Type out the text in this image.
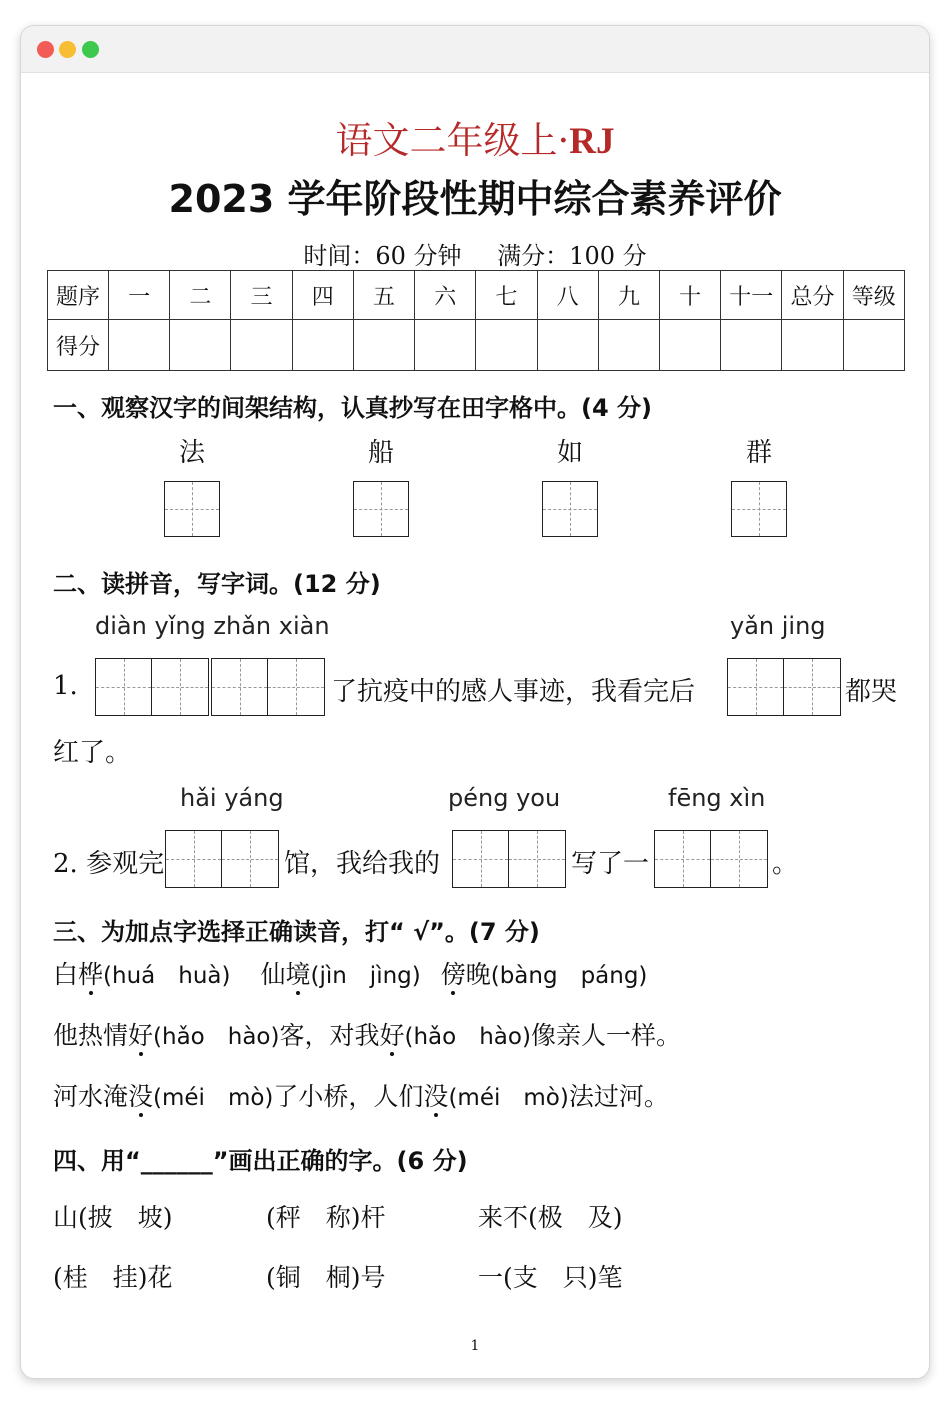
语文二年级上·RJ
2023 学年阶段性期中综合素养评价
时间：60 分钟 满分：100 分
题序	一	二	三	四	五	六	七	八	九	十	十一	总分	等级
得分													
一、观察汉字的间架结构，认真抄写在田字格中。(4 分)
法	船	如	群
二、读拼音，写字词。(12 分)
diàn yǐng zhǎn xiàn	yǎn jing
1.	了抗疫中的感人事迹，我看完后	都哭
红了。
hǎi yáng	péng you	fēng xìn
2. 参观完	馆，我给我的	写了一	。
三、为加点字选择正确读音，打“ √”。(7 分)
白桦(huá　huà) 仙境(jìn　jìng) 傍晚(bàng　páng)
他热情好(hǎo　hào)客，对我好(hǎo　hào)像亲人一样。
河水淹没(méi　mò)了小桥，人们没(méi　mò)法过河。
四、用“______”画出正确的字。(6 分)
山(披　坡)	(秤　称)杆	来不(极　及)
(桂　挂)花	(铜　桐)号	一(支　只)笔
1
